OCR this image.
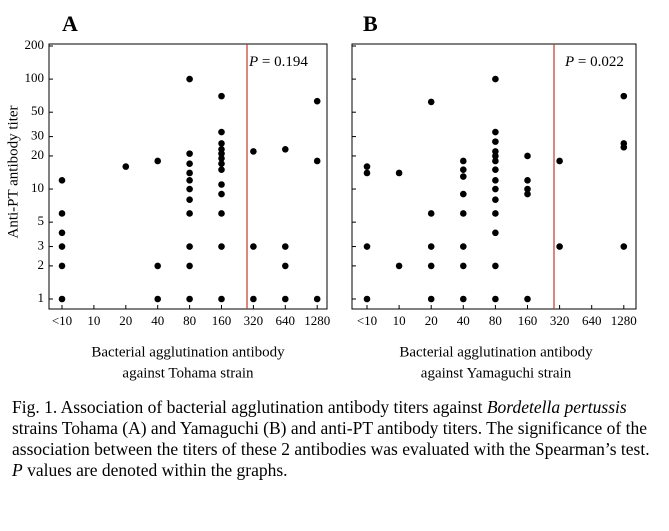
A
1
2
3
5
10
20
30
50
100
200
<10 10 20 40 80 160 320 640 1280
P = 0.194
Bacterial agglutination antibody
against Tohama strain
Anti-PT antibody titer
B
<10 10 20 40 80 160 320 640 1280
P = 0.022
Bacterial agglutination antibody
against Yamaguchi strain

Fig. 1. Association of bacterial agglutination antibody titers against Bordetella pertussis strains Tohama (A) and Yamaguchi (B) and anti-PT antibody titers. The significance of the association between the titers of these 2 antibodies was evaluated with the Spearman’s test. P values are denoted within the graphs.
